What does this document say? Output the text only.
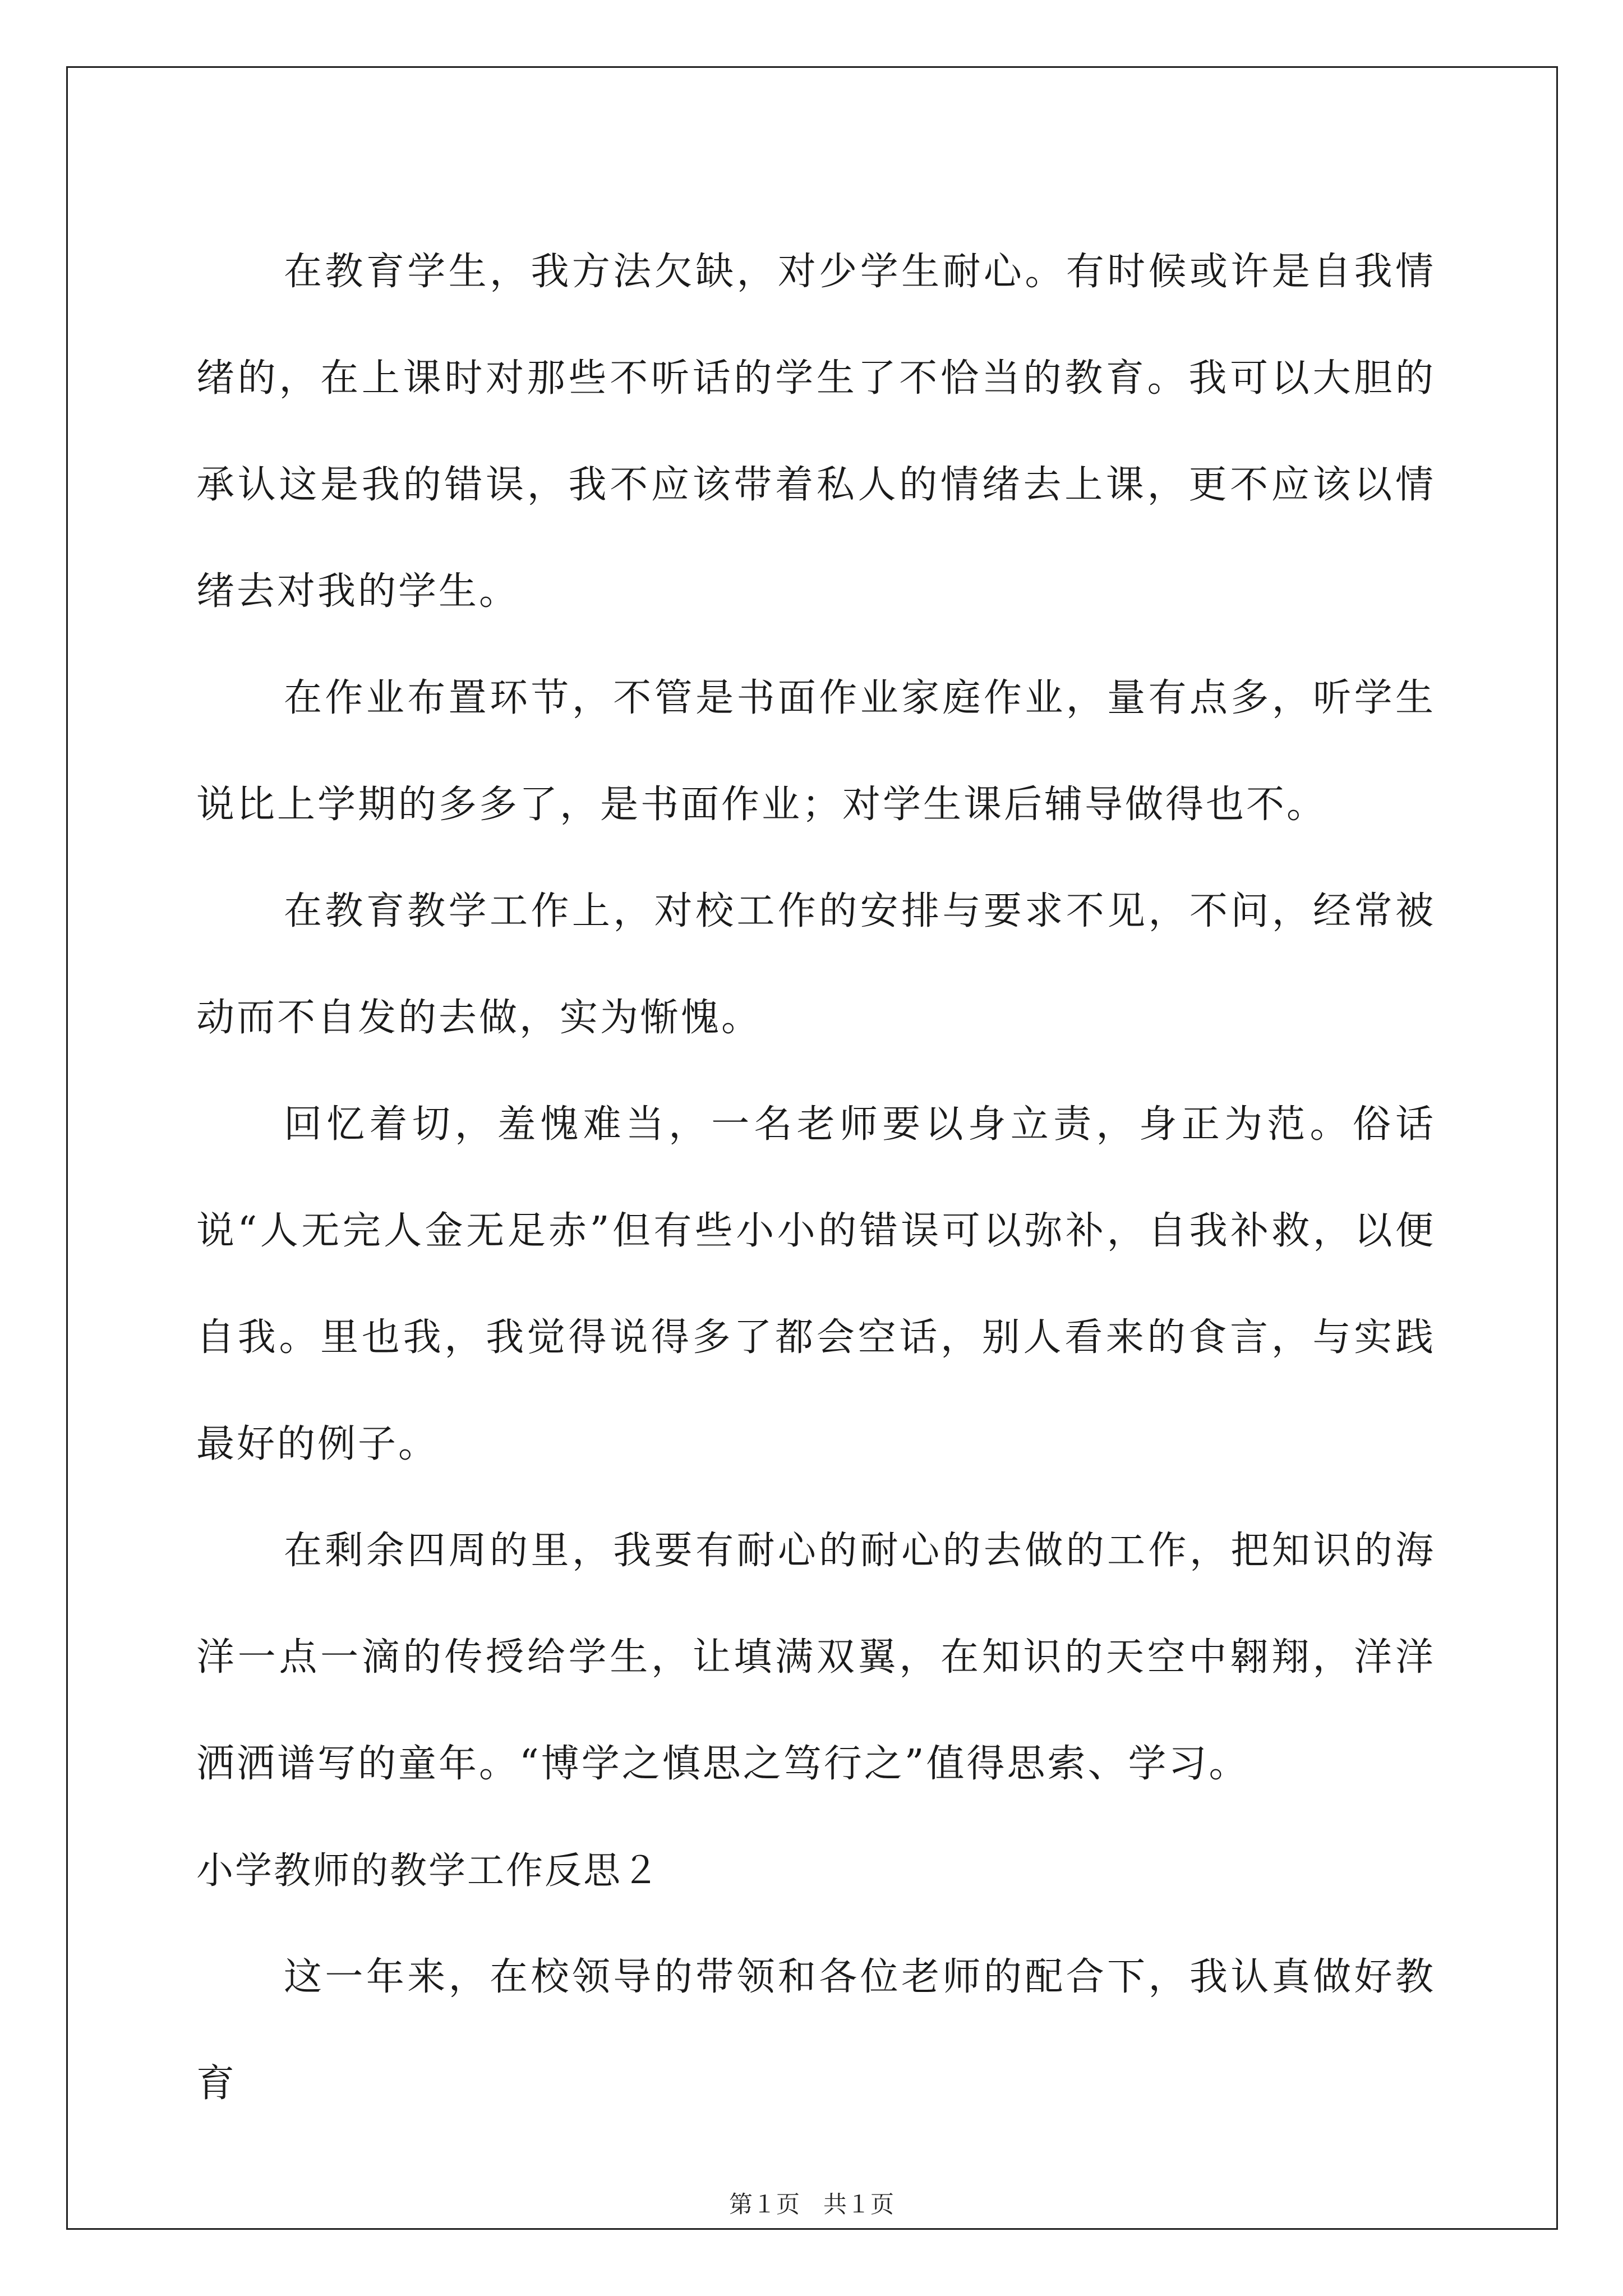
在教育学生，我方法欠缺，对少学生耐心。有时候或许是自我情绪的，在上课时对那些不听话的学生了不恰当的教育。我可以大胆的承认这是我的错误，我不应该带着私人的情绪去上课，更不应该以情绪去对我的学生。

在作业布置环节，不管是书面作业家庭作业，量有点多，听学生说比上学期的多多了，是书面作业；对学生课后辅导做得也不。

在教育教学工作上，对校工作的安排与要求不见，不问，经常被动而不自发的去做，实为惭愧。

回忆着切，羞愧难当，一名老师要以身立责，身正为范。俗话说“人无完人金无足赤”但有些小小的错误可以弥补，自我补救，以便自我。里也我，我觉得说得多了都会空话，别人看来的食言，与实践最好的例子。

在剩余四周的里，我要有耐心的耐心的去做的工作，把知识的海洋一点一滴的传授给学生，让填满双翼，在知识的天空中翱翔，洋洋洒洒谱写的童年。“博学之慎思之笃行之”值得思索、学习。

小学教师的教学工作反思２

这一年来，在校领导的带领和各位老师的配合下，我认真做好教育

第１页　共１页
